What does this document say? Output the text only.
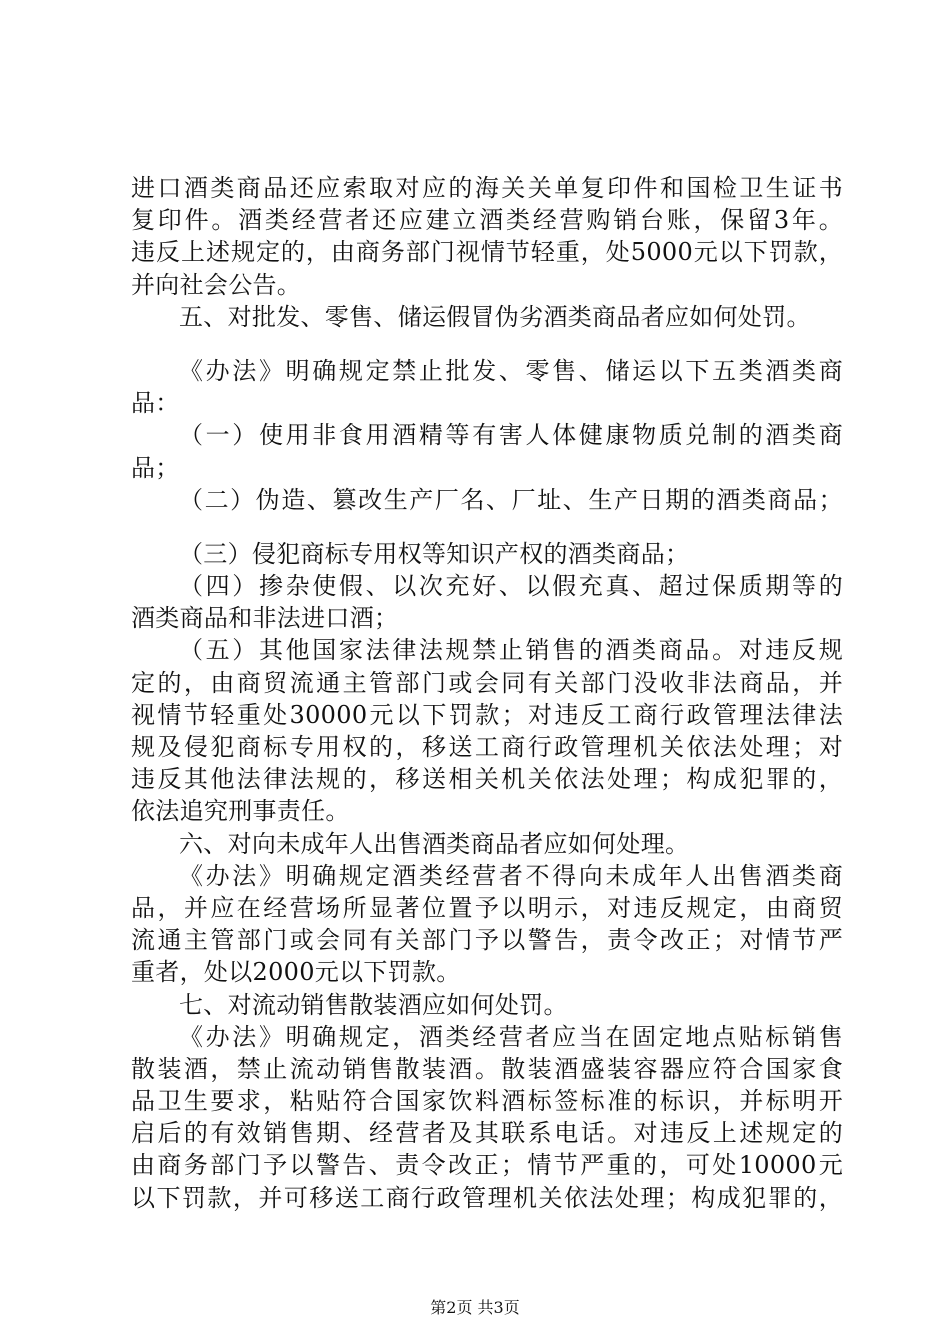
进口酒类商品还应索取对应的海关关单复印件和国检卫生证书
复印件。酒类经营者还应建立酒类经营购销台账，保留3年。
违反上述规定的，由商务部门视情节轻重，处5000元以下罚款，
并向社会公告。
五、对批发、零售、储运假冒伪劣酒类商品者应如何处罚。
《办法》明确规定禁止批发、零售、储运以下五类酒类商
品：
（一）使用非食用酒精等有害人体健康物质兑制的酒类商
品；
（二）伪造、篡改生产厂名、厂址、生产日期的酒类商品；
（三）侵犯商标专用权等知识产权的酒类商品；
（四）掺杂使假、以次充好、以假充真、超过保质期等的
酒类商品和非法进口酒；
（五）其他国家法律法规禁止销售的酒类商品。对违反规
定的，由商贸流通主管部门或会同有关部门没收非法商品，并
视情节轻重处30000元以下罚款；对违反工商行政管理法律法
规及侵犯商标专用权的，移送工商行政管理机关依法处理；对
违反其他法律法规的，移送相关机关依法处理；构成犯罪的，
依法追究刑事责任。
六、对向未成年人出售酒类商品者应如何处理。
《办法》明确规定酒类经营者不得向未成年人出售酒类商
品，并应在经营场所显著位置予以明示，对违反规定，由商贸
流通主管部门或会同有关部门予以警告，责令改正；对情节严
重者，处以2000元以下罚款。
七、对流动销售散装酒应如何处罚。
《办法》明确规定，酒类经营者应当在固定地点贴标销售
散装酒，禁止流动销售散装酒。散装酒盛装容器应符合国家食
品卫生要求，粘贴符合国家饮料酒标签标准的标识，并标明开
启后的有效销售期、经营者及其联系电话。对违反上述规定的
由商务部门予以警告、责令改正；情节严重的，可处10000元
以下罚款，并可移送工商行政管理机关依法处理；构成犯罪的，
第2页 共3页
